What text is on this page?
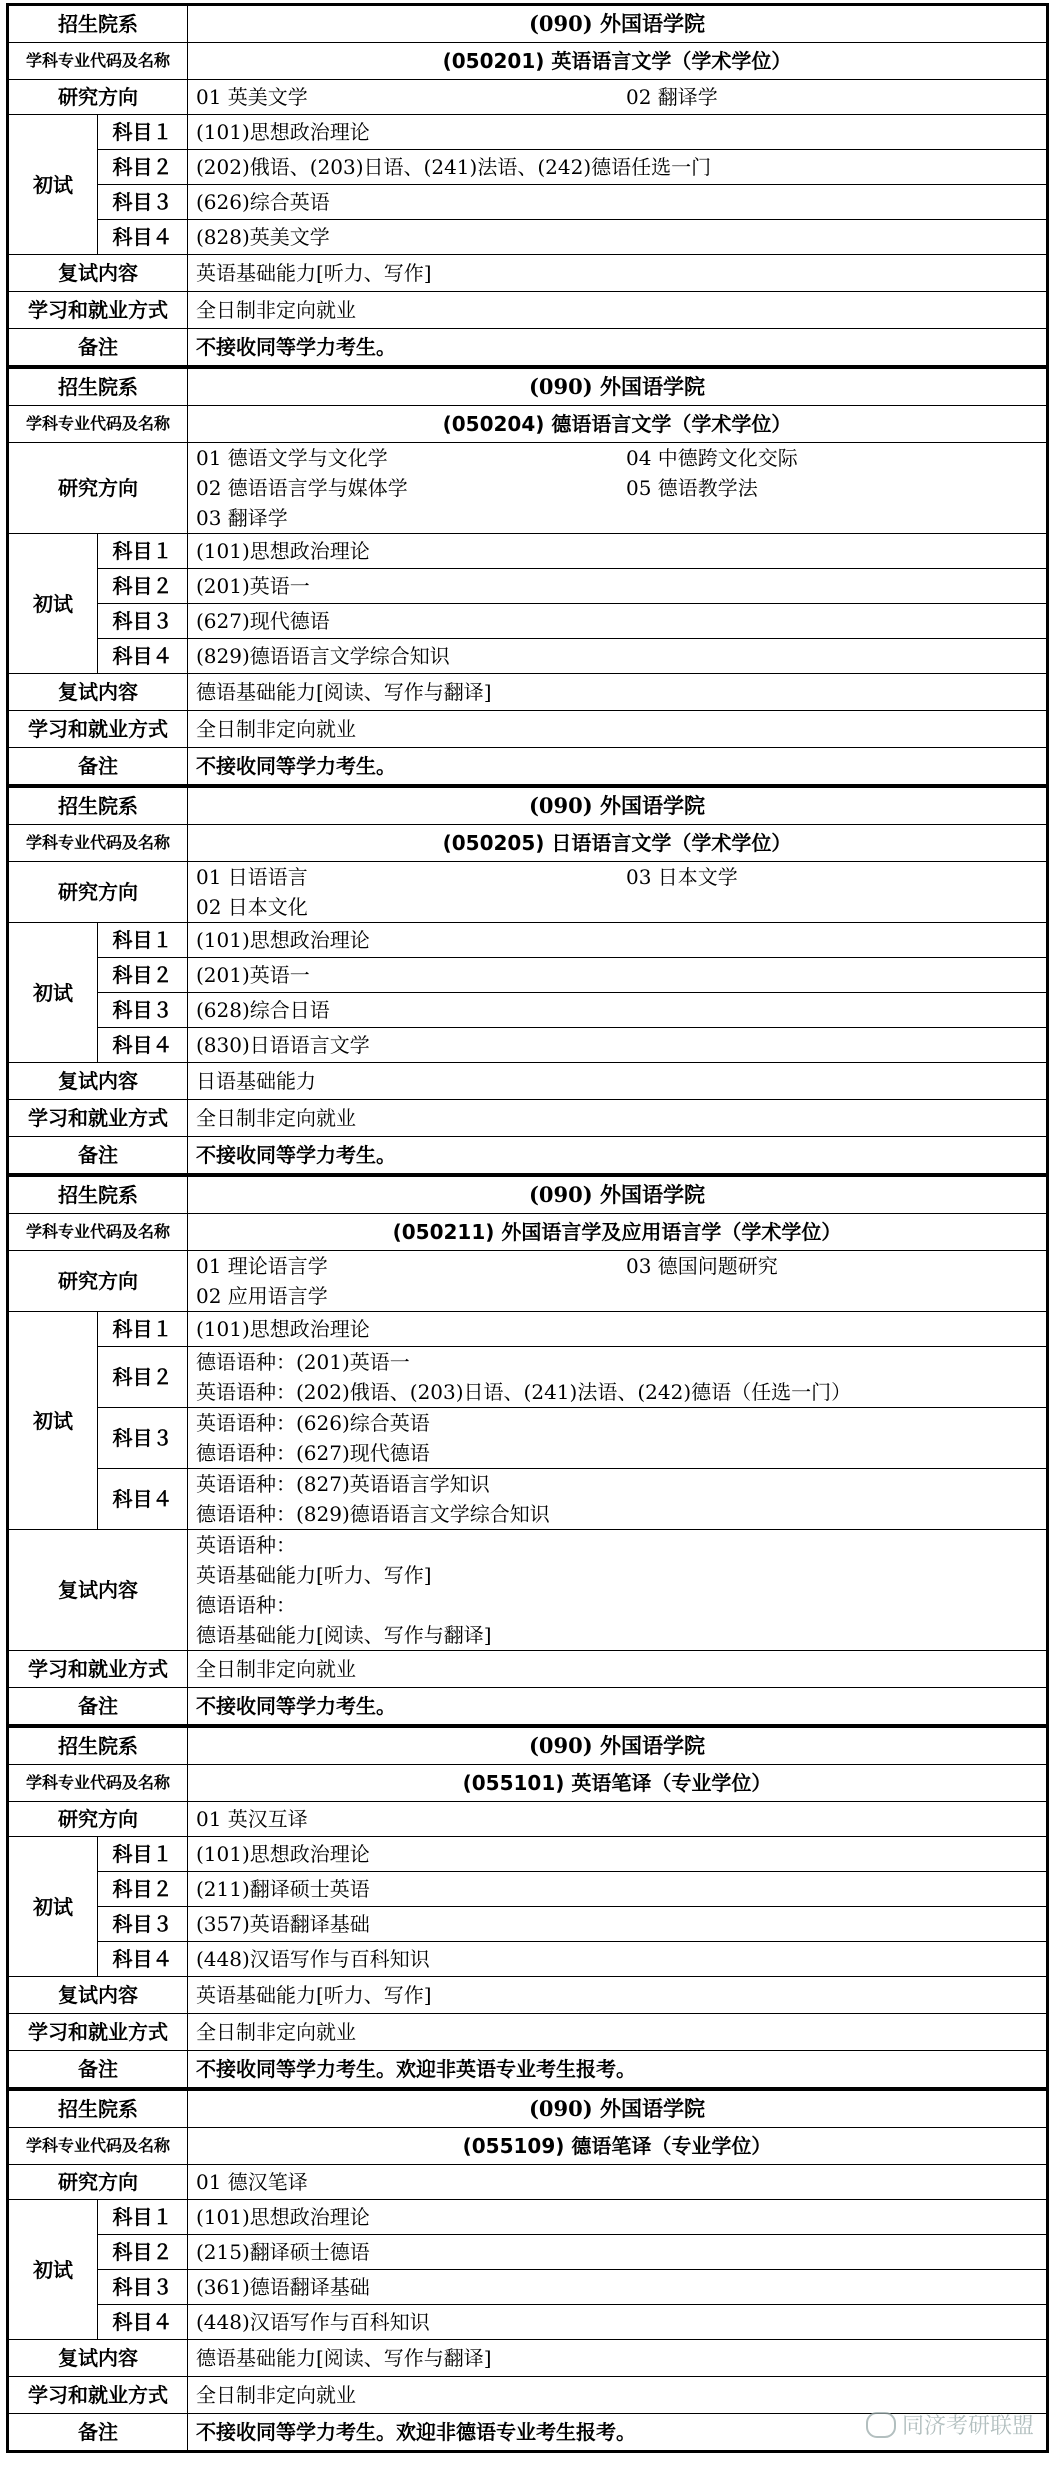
招生院系		(090) 外国语学院
学科专业代码及名称		(050201) 英语语言文学（学术学位）
研究方向		01 英美文学 02 翻译学

初试	科目１	(101)思想政治理论

	科目２	(202)俄语、(203)日语、(241)法语、(242)德语任选一门

	科目３	(626)综合英语

	科目４	(828)英美文学

复试内容		英语基础能力[听力、写作]

学习和就业方式		全日制非定向就业
备注		不接收同等学力考生。
招生院系		(090) 外国语学院
学科专业代码及名称		(050204) 德语语言文学（学术学位）
研究方向		01 德语文学与文化学 04 中德跨文化交际
02 德语语言学与媒体学 05 德语教学法
03 翻译学

初试	科目１	(101)思想政治理论

	科目２	(201)英语一

	科目３	(627)现代德语

	科目４	(829)德语语言文学综合知识

复试内容		德语基础能力[阅读、写作与翻译]

学习和就业方式		全日制非定向就业
备注		不接收同等学力考生。
招生院系		(090) 外国语学院
学科专业代码及名称		(050205) 日语语言文学（学术学位）
研究方向		01 日语语言 03 日本文学
02 日本文化

初试	科目１	(101)思想政治理论

	科目２	(201)英语一

	科目３	(628)综合日语

	科目４	(830)日语语言文学

复试内容		日语基础能力

学习和就业方式		全日制非定向就业
备注		不接收同等学力考生。
招生院系		(090) 外国语学院
学科专业代码及名称		(050211) 外国语言学及应用语言学（学术学位）
研究方向		01 理论语言学 03 德国问题研究
02 应用语言学

初试	科目１	(101)思想政治理论

	科目２	德语语种：(201)英语一
英语语种：(202)俄语、(203)日语、(241)法语、(242)德语（任选一门）

	科目３	英语语种：(626)综合英语
德语语种：(627)现代德语

	科目４	英语语种：(827)英语语言学知识
德语语种：(829)德语语言文学综合知识

复试内容		英语语种：
英语基础能力[听力、写作]
德语语种：
德语基础能力[阅读、写作与翻译]

学习和就业方式		全日制非定向就业
备注		不接收同等学力考生。
招生院系		(090) 外国语学院
学科专业代码及名称		(055101) 英语笔译（专业学位）
研究方向		01 英汉互译

初试	科目１	(101)思想政治理论

	科目２	(211)翻译硕士英语

	科目３	(357)英语翻译基础

	科目４	(448)汉语写作与百科知识

复试内容		英语基础能力[听力、写作]

学习和就业方式		全日制非定向就业
备注		不接收同等学力考生。欢迎非英语专业考生报考。
招生院系		(090) 外国语学院
学科专业代码及名称		(055109) 德语笔译（专业学位）
研究方向		01 德汉笔译

初试	科目１	(101)思想政治理论

	科目２	(215)翻译硕士德语

	科目３	(361)德语翻译基础

	科目４	(448)汉语写作与百科知识

复试内容		德语基础能力[阅读、写作与翻译]

学习和就业方式		全日制非定向就业
备注		不接收同等学力考生。欢迎非德语专业考生报考。	同济考研联盟
